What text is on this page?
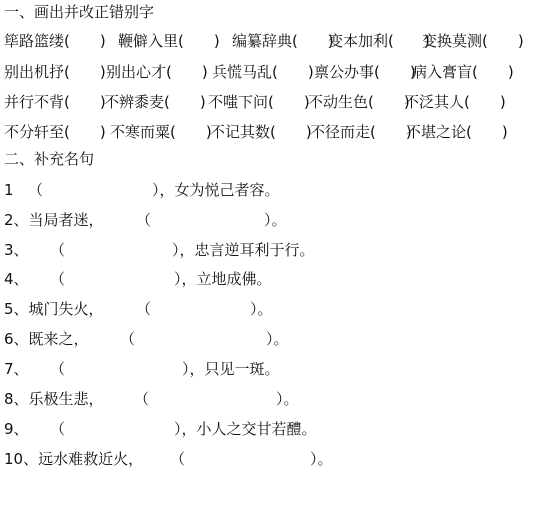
一、画出并改正错别字
筚路篮缕(　　) 鞭僻入里(　　) 编纂辞典(　　)
变本加利(　　)
变换莫测(　　)
别出机抒(　　) 别出心才(　　) 兵慌马乱(　　) 禀公办事(　　)
病入膏盲(　　)
并行不背(　　)
不辨黍麦(　　) 不嗤下问(　　)
不动生色(　　)
不泛其人(　　)
不分轩至(　　) 不寒而粟(　　)
不记其数(　　)
不径而走(　　)
不堪之论(　　)
二、补充名句
1 （	），女为悦己者容。
2、当局者迷， （	）。
3、 （	），忠言逆耳利于行。
4、 （	），立地成佛。
5、城门失火， （	）。
6、既来之， （	）。
7、 （	），只见一斑。
8、乐极生悲， （	）。
9、 （	），小人之交甘若醴。
10、远水难救近火， （	）。
